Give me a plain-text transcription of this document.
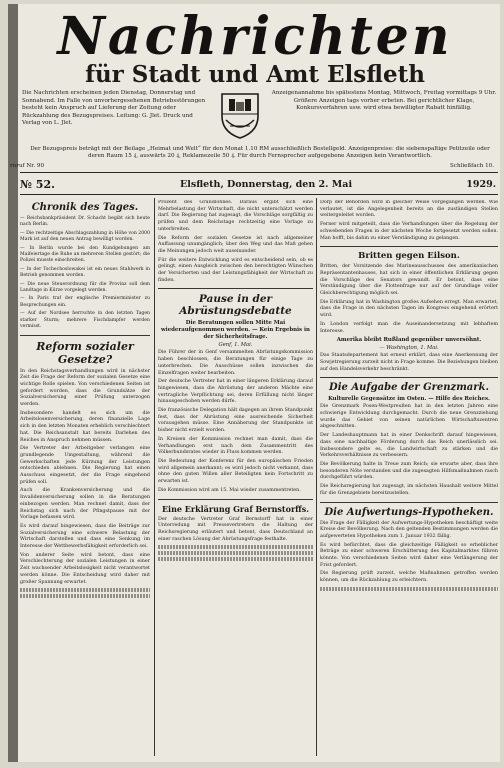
Nachrichten
für Stadt und Amt Elsfleth
Die Nachrichten erscheinen jeden Dienstag, Donnerstag und Sonnabend. Im Falle von unvorhergesehenen Betriebsstörungen besteht kein Anspruch auf Lieferung der Zeitung oder Rückzahlung des Bezugspreises. Leitung: G. Jlet. Druck und Verlag von L. Jlet.
Anzeigenannahme bis spätestens Montag, Mittwoch, Freitag vormittags 9 Uhr. Größere Anzeigen tags vorher erbeten. Bei gerichtlicher Klage, Konkursverfahren usw. wird etwa bewilligter Rabatt hinfällig.
Der Bezugspreis beträgt mit der Beilage „Heimat und Welt“ für den Monat 1.10 RM ausschließlich Bestellgeld. Anzeigenpreise: die siebenspaltige Petitzeile oder deren Raum 15 ₰, auswärts 20 ₰, Reklamezeile 50 ₰. Für durch Fernsprecher aufgegebene Anzeigen kein Verantwortlich.
rnruf Nr. 90	Schließfach 10.
№ 52.	Elsfleth, Donnerstag, den 2. Mai	1929.
Chronik des Tages.

— Reichsbankpräsident Dr. Schacht begibt sich heute nach Berlin.

— Die rechtzeitige Abschlagszahlung in Höhe von 2000 Mark ist auf den neuen Antrag bewilligt worden.

— In Berlin wurde bei den Kundgebungen am Maifeiertage die Ruhe an mehreren Stellen gestört; die Polizei musste einschreiten.

— In der Tschechoslowakei ist ein neues Stahlwerk in Betrieb genommen worden.

— Die neue Steuerordnung für die Provinz soll dem Landtage in Kürze vorgelegt werden.

— In Paris traf der englische Premierminister zu Besprechungen ein.

— Auf der Nordsee herrschte in den letzten Tagen starker Sturm; mehrere Fischdampfer werden vermisst.

Reform sozialer Gesetze?

In den Reichstagsverhandlungen wird in nächster Zeit die Frage der Reform der sozialen Gesetze eine wichtige Rolle spielen. Von verschiedenen Seiten ist gefordert worden, dass die Grundsätze der Sozialversicherung einer Prüfung unterzogen werden.

Insbesondere handelt es sich um die Arbeitslosenversicherung, deren finanzielle Lage sich in den letzten Monaten erheblich verschlechtert hat. Die Reichsanstalt hat bereits Darlehen des Reiches in Anspruch nehmen müssen.

Die Vertreter der Arbeitgeber verlangen eine grundlegende Umgestaltung, während die Gewerkschaften jede Kürzung der Leistungen entschieden ablehnen. Die Regierung hat einen Ausschuss eingesetzt, der die Frage eingehend prüfen soll.

Auch die Krankenversicherung und die Invalidenversicherung sollen in die Beratungen einbezogen werden. Man rechnet damit, dass der Reichstag sich nach der Pfingstpause mit der Vorlage befassen wird.

Es wird darauf hingewiesen, dass die Beiträge zur Sozialversicherung eine schwere Belastung der Wirtschaft darstellen und dass eine Senkung im Interesse der Wettbewerbsfähigkeit erforderlich sei.

Von anderer Seite wird betont, dass eine Verschlechterung der sozialen Leistungen in einer Zeit wachsender Arbeitslosigkeit nicht verantwortet werden könne. Die Entscheidung wird daher mit großer Spannung erwartet.

Prozent des Grundlohnes. Daraus ergibt sich eine Mehrbelastung der Wirtschaft, die nicht unterschätzt werden darf. Die Regierung hat zugesagt, die Vorschläge sorgfältig zu prüfen und dem Reichstage rechtzeitig eine Vorlage zu unterbreiten.

Die Reform der sozialen Gesetze ist nach allgemeiner Auffassung unumgänglich; über den Weg und das Maß gehen die Meinungen jedoch weit auseinander.

Für die weitere Entwicklung wird es entscheidend sein, ob es gelingt, einen Ausgleich zwischen den berechtigten Wünschen der Versicherten und der Leistungsfähigkeit der Wirtschaft zu finden.

Pause in der Abrüstungsdebatte
Die Beratungen sollen Mitte Mai wiederaufgenommen werden. — Kein Ergebnis in der Sicherheitsfrage.
Genf, 1. Mai.

Die Führer der in Genf versammelten Abrüstungskommission haben beschlossen, die Beratungen für einige Tage zu unterbrechen. Die Ausschüsse sollen inzwischen die Einzelfragen weiter bearbeiten.

Der deutsche Vertreter hat in einer längeren Erklärung darauf hingewiesen, dass die Abrüstung der anderen Mächte eine vertragliche Verpflichtung sei, deren Erfüllung nicht länger hinausgeschoben werden dürfe.

Die französische Delegation hält dagegen an ihrem Standpunkt fest, dass der Abrüstung eine ausreichende Sicherheit vorausgehen müsse. Eine Annäherung der Standpunkte ist bisher nicht erzielt worden.

In Kreisen der Kommission rechnet man damit, dass die Verhandlungen erst nach dem Zusammentritt des Völkerbundsrates wieder in Fluss kommen werden.

Die Bedeutung der Konferenz für den europäischen Frieden wird allgemein anerkannt; es wird jedoch nicht verkannt, dass ohne den guten Willen aller Beteiligten kein Fortschritt zu erwarten ist.

Die Kommission wird am 15. Mai wieder zusammentreten.

Eine Erklärung Graf Bernstorffs.

Der deutsche Vertreter Graf Bernstorff hat in einer Unterredung mit Pressevertretern die Haltung der Reichsregierung erläutert und betont, dass Deutschland an einer raschen Lösung der Abrüstungsfrage festhalte.

Dorp der Behörden wird in gleicher Weise vorgegangen werden. Wie verlautet, ist die Angelegenheit bereits an die zuständigen Stellen weitergeleitet worden.

Ferner wird mitgeteilt, dass die Verhandlungen über die Regelung der schwebenden Fragen in der nächsten Woche fortgesetzt werden sollen. Man hofft, bis dahin zu einer Verständigung zu gelangen.

Britten gegen Eilson.

Britten, der Vorsitzende des Marineausschusses des amerikanischen Repräsentantenhauses, hat sich in einer öffentlichen Erklärung gegen die Vorschläge des Senators gewandt. Er betont, dass eine Verständigung über die Flottenfrage nur auf der Grundlage voller Gleichberechtigung möglich sei.

Die Erklärung hat in Washington großes Aufsehen erregt. Man erwartet, dass die Frage in den nächsten Tagen im Kongress eingehend erörtert wird.

In London verfolgt man die Auseinandersetzung mit lebhaftem Interesse.

Amerika bleibt Rußland gegenüber unversöhnt.
— Washington, 1. Mai.

Das Staatsdepartement hat erneut erklärt, dass eine Anerkennung der Sowjetregierung zurzeit nicht in Frage komme. Die Beziehungen bleiben auf den Handelsverkehr beschränkt.

Die Aufgabe der Grenzmark.
Kulturelle Gegensätze im Osten. — Hilfe des Reiches.

Die Grenzmark Posen-Westpreußen hat in den letzten Jahren eine schwierige Entwicklung durchgemacht. Durch die neue Grenzziehung wurde das Gebiet von seinen natürlichen Wirtschaftszentren abgeschnitten.

Der Landeshauptmann hat in einer Denkschrift darauf hingewiesen, dass eine nachhaltige Förderung durch das Reich unerlässlich sei. Insbesondere gelte es, die Landwirtschaft zu stärken und die Verkehrsverhältnisse zu verbessern.

Die Bevölkerung halte in Treue zum Reich; sie erwarte aber, dass ihre besonderen Nöte verstanden und die zugesagten Hilfsmaßnahmen rasch durchgeführt würden.

Die Reichsregierung hat zugesagt, im nächsten Haushalt weitere Mittel für die Grenzgebiete bereitzustellen.

Die Aufwertungs-Hypotheken.

Die Frage der Fälligkeit der Aufwertungs-Hypotheken beschäftigt weite Kreise der Bevölkerung. Nach den geltenden Bestimmungen werden die aufgewerteten Hypotheken zum 1. Januar 1932 fällig.

Es wird befürchtet, dass die gleichzeitige Fälligkeit so erheblicher Beträge zu einer schweren Erschütterung des Kapitalmarktes führen könnte. Von verschiedenen Seiten wird daher eine Verlängerung der Frist gefordert.

Die Regierung prüft zurzeit, welche Maßnahmen getroffen werden können, um die Rückzahlung zu erleichtern.
